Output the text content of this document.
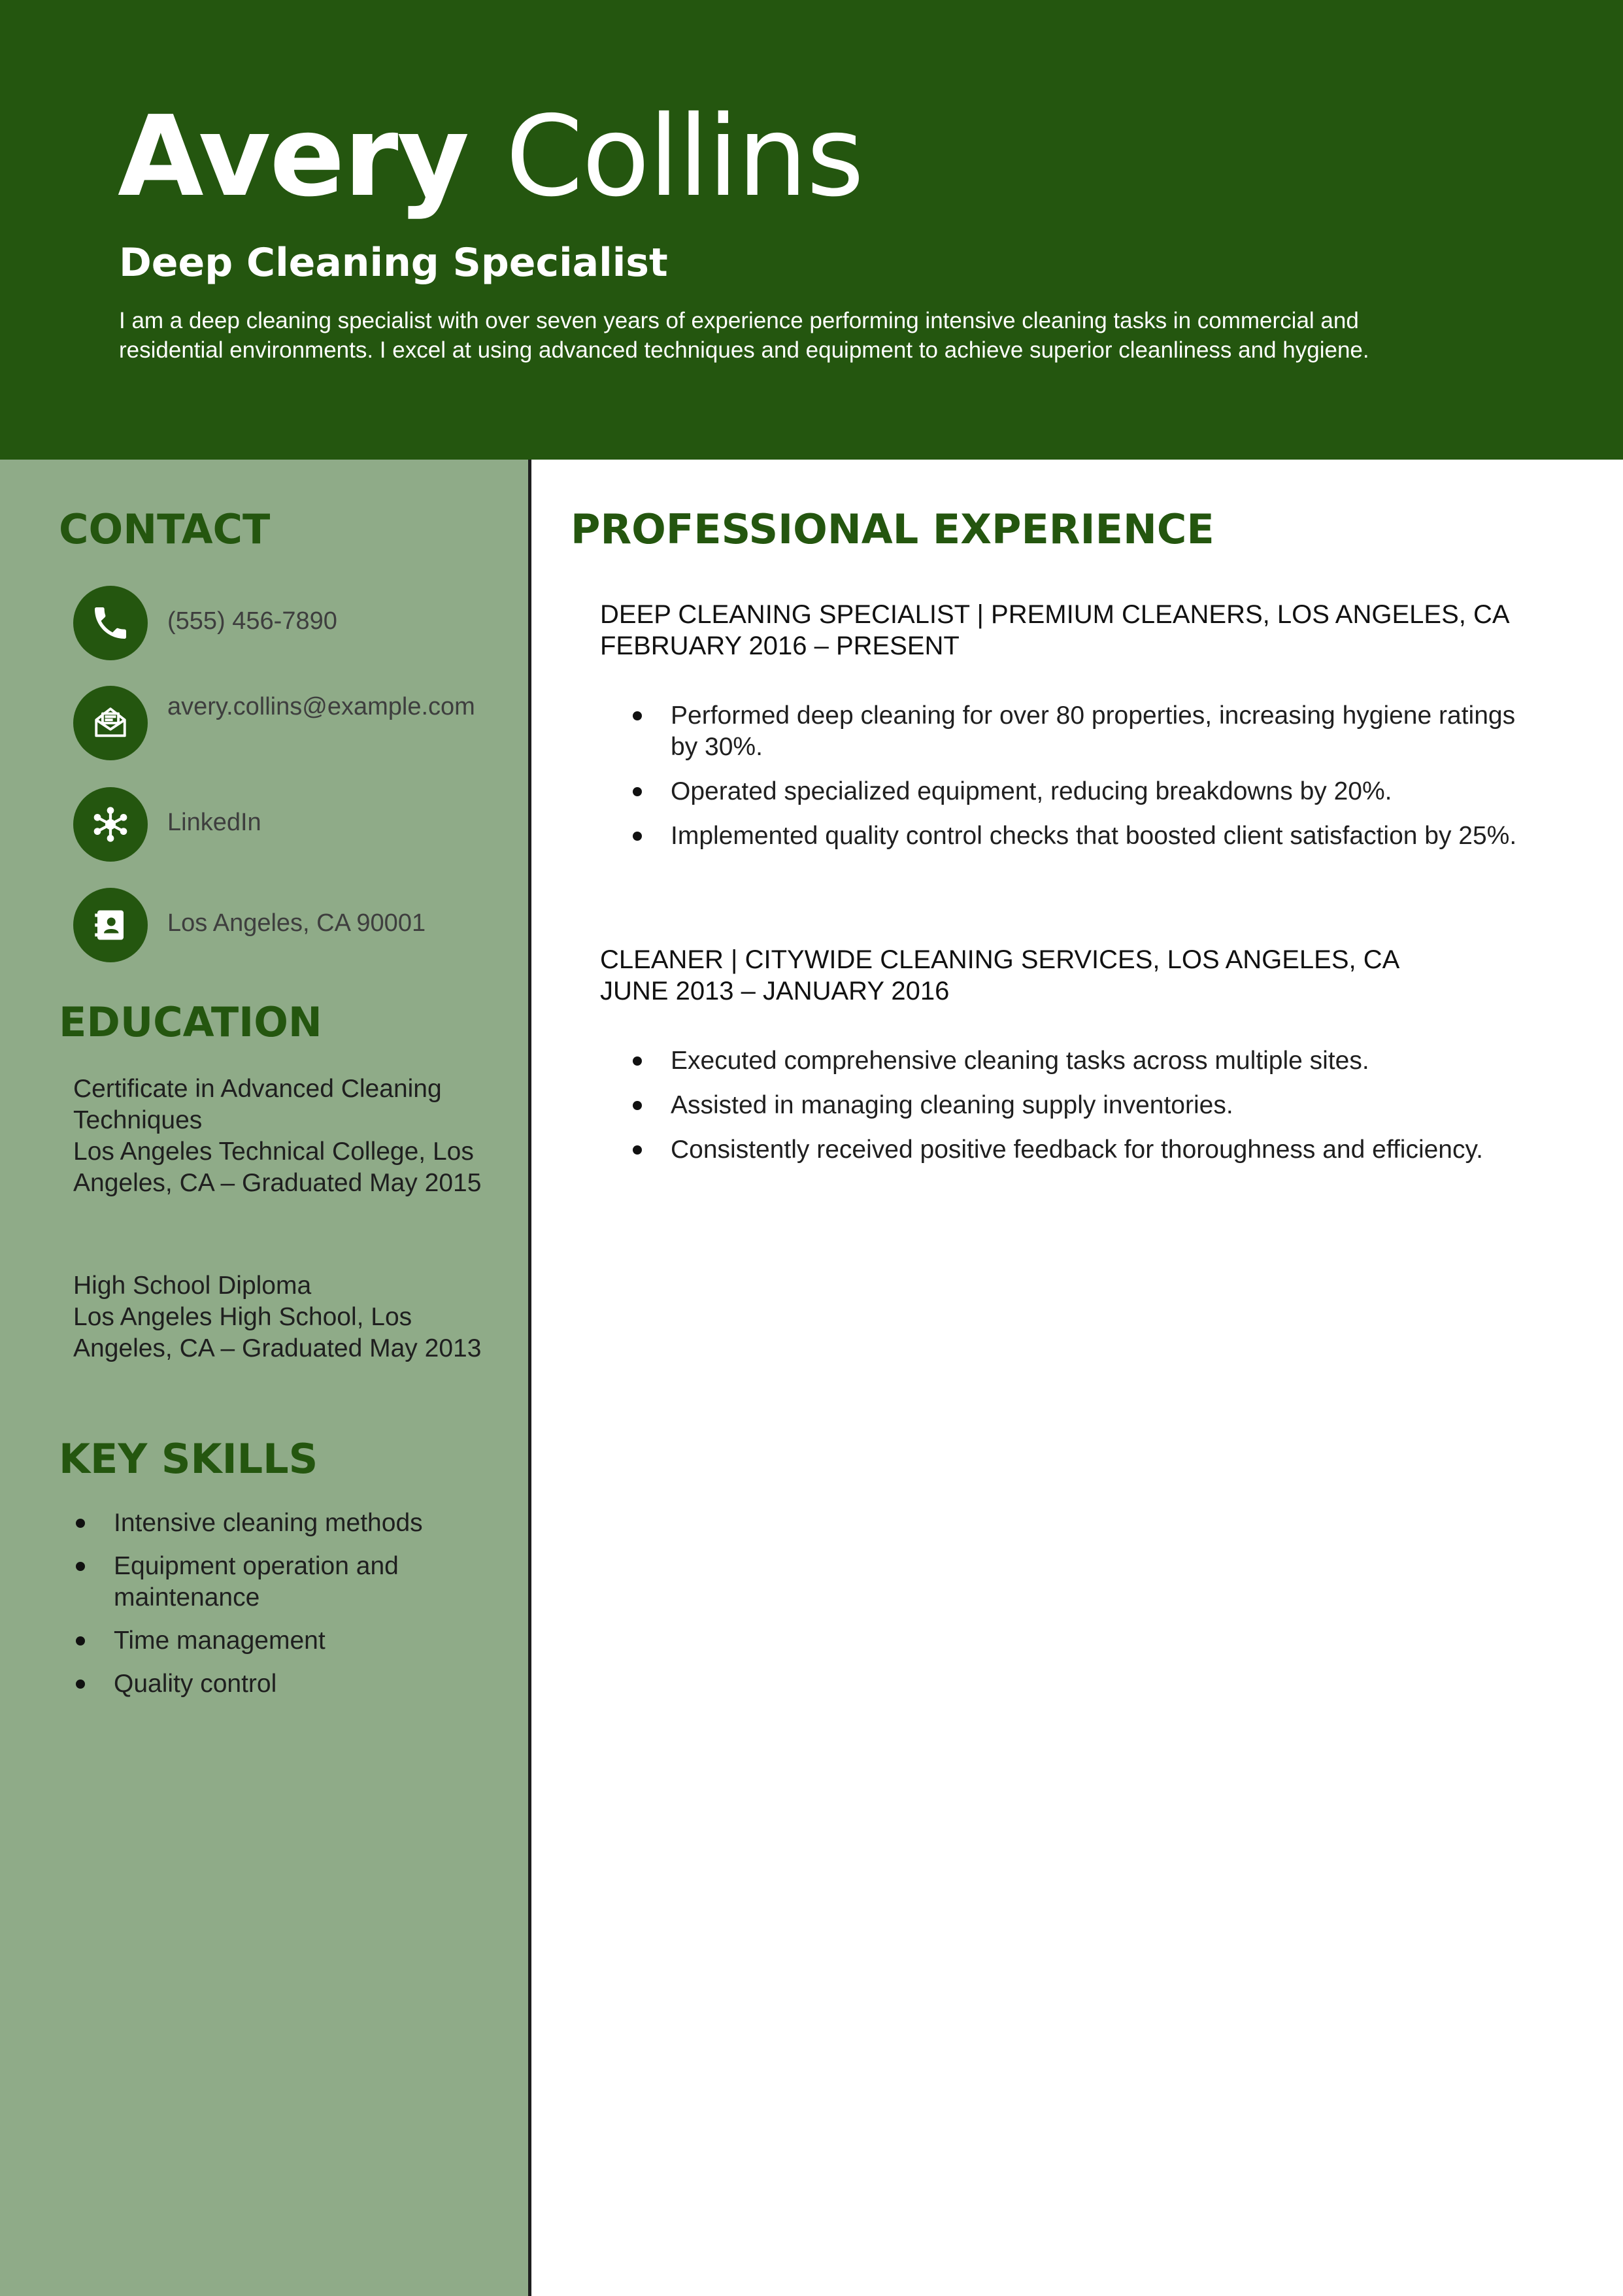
Avery Collins
Deep Cleaning Specialist

I am a deep cleaning specialist with over seven years of experience performing intensive cleaning tasks in commercial and residential environments. I excel at using advanced techniques and equipment to achieve superior cleanliness and hygiene.

CONTACT
(555) 456-7890
avery.collins@example.com
LinkedIn
Los Angeles, CA 90001
EDUCATION
Certificate in Advanced Cleaning Techniques
Los Angeles Technical College, Los Angeles, CA – Graduated May 2015
High School Diploma
Los Angeles High School, Los Angeles, CA – Graduated May 2013
KEY SKILLS
Intensive cleaning methods
Equipment operation and maintenance
Time management
Quality control
PROFESSIONAL EXPERIENCE
DEEP CLEANING SPECIALIST | PREMIUM CLEANERS, LOS ANGELES, CA
FEBRUARY 2016 – PRESENT
Performed deep cleaning for over 80 properties, increasing hygiene ratings by 30%.
Operated specialized equipment, reducing breakdowns by 20%.
Implemented quality control checks that boosted client satisfaction by 25%.
CLEANER | CITYWIDE CLEANING SERVICES, LOS ANGELES, CA
JUNE 2013 – JANUARY 2016
Executed comprehensive cleaning tasks across multiple sites.
Assisted in managing cleaning supply inventories.
Consistently received positive feedback for thoroughness and efficiency.
